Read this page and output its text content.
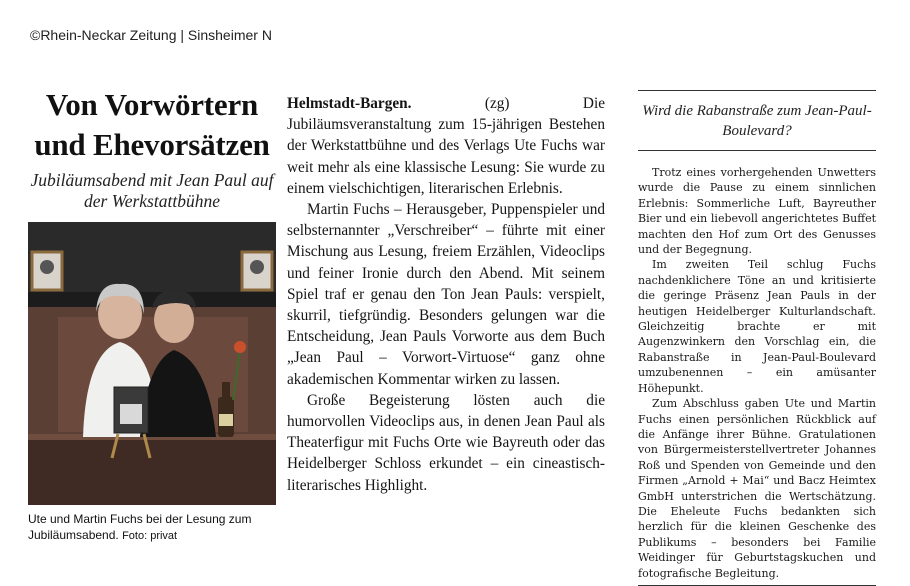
©Rhein-Neckar Zeitung | Sinsheimer N
Von Vorwörtern und Ehevorsätzen
Jubiläumsabend mit Jean Paul auf der Werkstattbühne
Ute und Martin Fuchs bei der Lesung zum Jubiläumsabend. Foto: privat

Helmstadt-Bargen.	(zg) Die Jubiläumsveranstaltung zum 15-jährigen Bestehen der Werkstattbühne und des Verlags Ute Fuchs war weit mehr als eine klassische Lesung: Sie wurde zu einem vielschichtigen, literarischen Erlebnis.

Martin Fuchs – Herausgeber, Puppenspieler und selbsternannter „Verschreiber“ – führte mit einer Mischung aus Lesung, freiem Erzählen, Videoclips und feiner Ironie durch den Abend. Mit seinem Spiel traf er genau den Ton Jean Pauls: verspielt, skurril, tiefgründig. Besonders gelungen war die Entscheidung, Jean Pauls Vorworte aus dem Buch „Jean Paul – Vorwort-Virtuose“ ganz ohne akademischen Kommentar wirken zu lassen.

Große Begeisterung lösten auch die humorvollen Videoclips aus, in denen Jean Paul als Theaterfigur mit Fuchs Orte wie Bayreuth oder das Heidelberger Schloss erkundet – ein cineastisch-literarisches Highlight.

Wird die Rabanstraße zum Jean-Paul-Boulevard?

Trotz eines vorhergehenden Unwetters wurde die Pause zu einem sinnlichen Erlebnis: Sommerliche Luft, Bayreuther Bier und ein liebevoll angerichtetes Buffet machten den Hof zum Ort des Genusses und der Begegnung.

Im zweiten Teil schlug Fuchs nachdenklichere Töne an und kritisierte die geringe Präsenz Jean Pauls in der heutigen Heidelberger Kulturlandschaft. Gleichzeitig brachte er mit Augenzwinkern den Vorschlag ein, die Rabanstraße in Jean-Paul-Boulevard umzubenennen – ein amüsanter Höhepunkt.

Zum Abschluss gaben Ute und Martin Fuchs einen persönlichen Rückblick auf die Anfänge ihrer Bühne. Gratulationen von Bürgermeisterstellvertreter Johannes Roß und Spenden von Gemeinde und den Firmen „Arnold + Mai“ und Bacz Heimtex GmbH unterstrichen die Wertschätzung. Die Eheleute Fuchs bedankten sich herzlich für die kleinen Geschenke des Publikums – besonders bei Familie Weidinger für Geburtstagskuchen und fotografische Begleitung.
